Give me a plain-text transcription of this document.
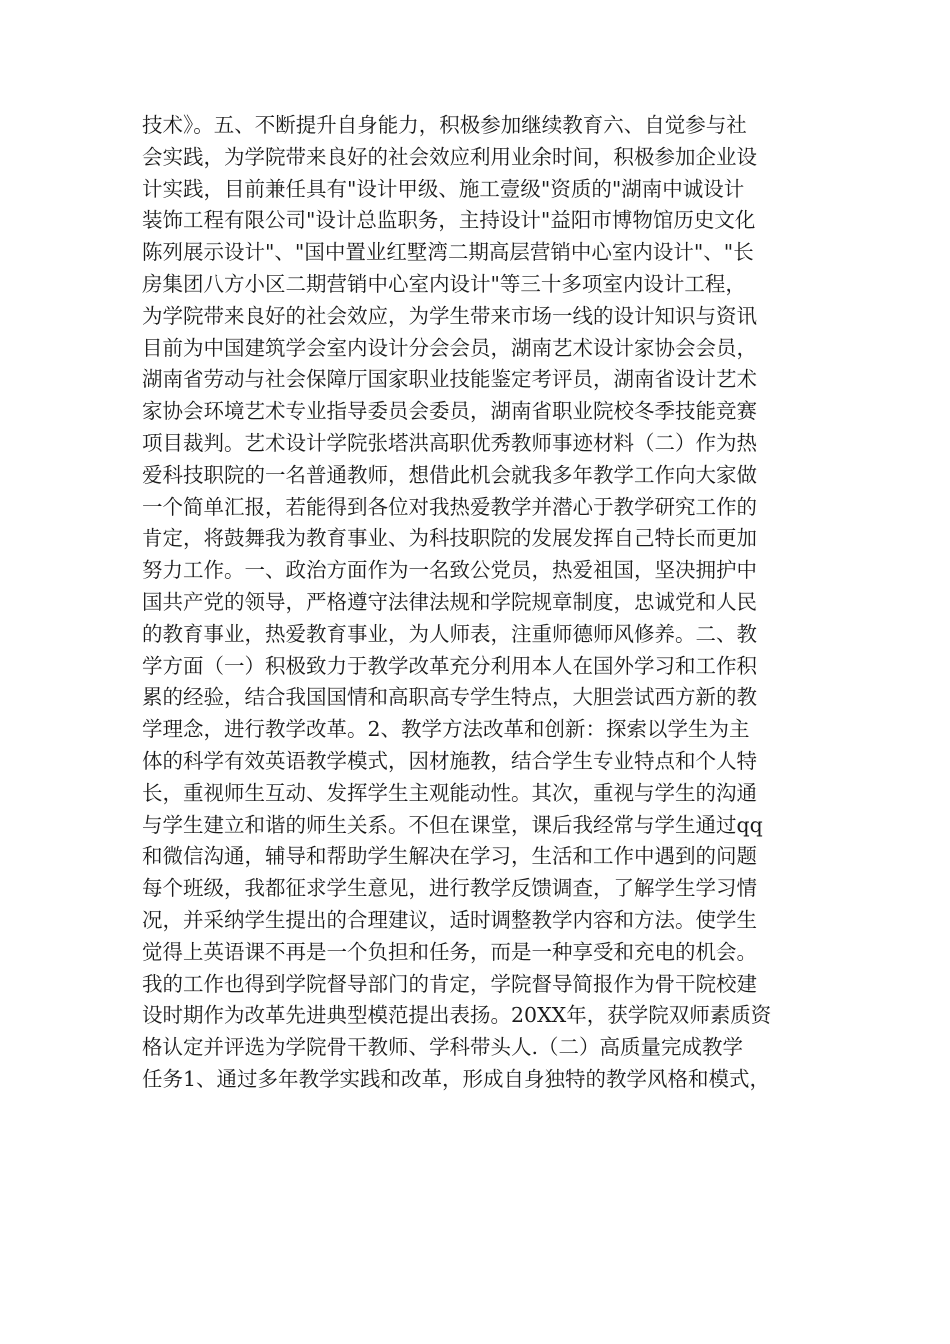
技术》。五、不断提升自身能力，积极参加继续教育六、自觉参与社
会实践，为学院带来良好的社会效应利用业余时间，积极参加企业设
计实践，目前兼任具有"设计甲级、施工壹级"资质的"湖南中诚设计
装饰工程有限公司"设计总监职务，主持设计"益阳市博物馆历史文化
陈列展示设计"、"国中置业红墅湾二期高层营销中心室内设计"、"长
房集团八方小区二期营销中心室内设计"等三十多项室内设计工程，
为学院带来良好的社会效应，为学生带来市场一线的设计知识与资讯
目前为中国建筑学会室内设计分会会员，湖南艺术设计家协会会员，
湖南省劳动与社会保障厅国家职业技能鉴定考评员，湖南省设计艺术
家协会环境艺术专业指导委员会委员，湖南省职业院校冬季技能竞赛
项目裁判。艺术设计学院张塔洪高职优秀教师事迹材料（二）作为热
爱科技职院的一名普通教师，想借此机会就我多年教学工作向大家做
一个简单汇报，若能得到各位对我热爱教学并潜心于教学研究工作的
肯定，将鼓舞我为教育事业、为科技职院的发展发挥自己特长而更加
努力工作。一、政治方面作为一名致公党员，热爱祖国，坚决拥护中
国共产党的领导，严格遵守法律法规和学院规章制度，忠诚党和人民
的教育事业，热爱教育事业，为人师表，注重师德师风修养。二、教
学方面（一）积极致力于教学改革充分利用本人在国外学习和工作积
累的经验，结合我国国情和高职高专学生特点，大胆尝试西方新的教
学理念，进行教学改革。2、教学方法改革和创新：探索以学生为主
体的科学有效英语教学模式，因材施教，结合学生专业特点和个人特
长，重视师生互动、发挥学生主观能动性。其次，重视与学生的沟通
与学生建立和谐的师生关系。不但在课堂，课后我经常与学生通过qq
和微信沟通，辅导和帮助学生解决在学习，生活和工作中遇到的问题
每个班级，我都征求学生意见，进行教学反馈调查，了解学生学习情
况，并采纳学生提出的合理建议，适时调整教学内容和方法。使学生
觉得上英语课不再是一个负担和任务，而是一种享受和充电的机会。
我的工作也得到学院督导部门的肯定，学院督导简报作为骨干院校建
设时期作为改革先进典型模范提出表扬。20XX年，获学院双师素质资
格认定并评选为学院骨干教师、学科带头人.（二）高质量完成教学
任务1、通过多年教学实践和改革，形成自身独特的教学风格和模式，
